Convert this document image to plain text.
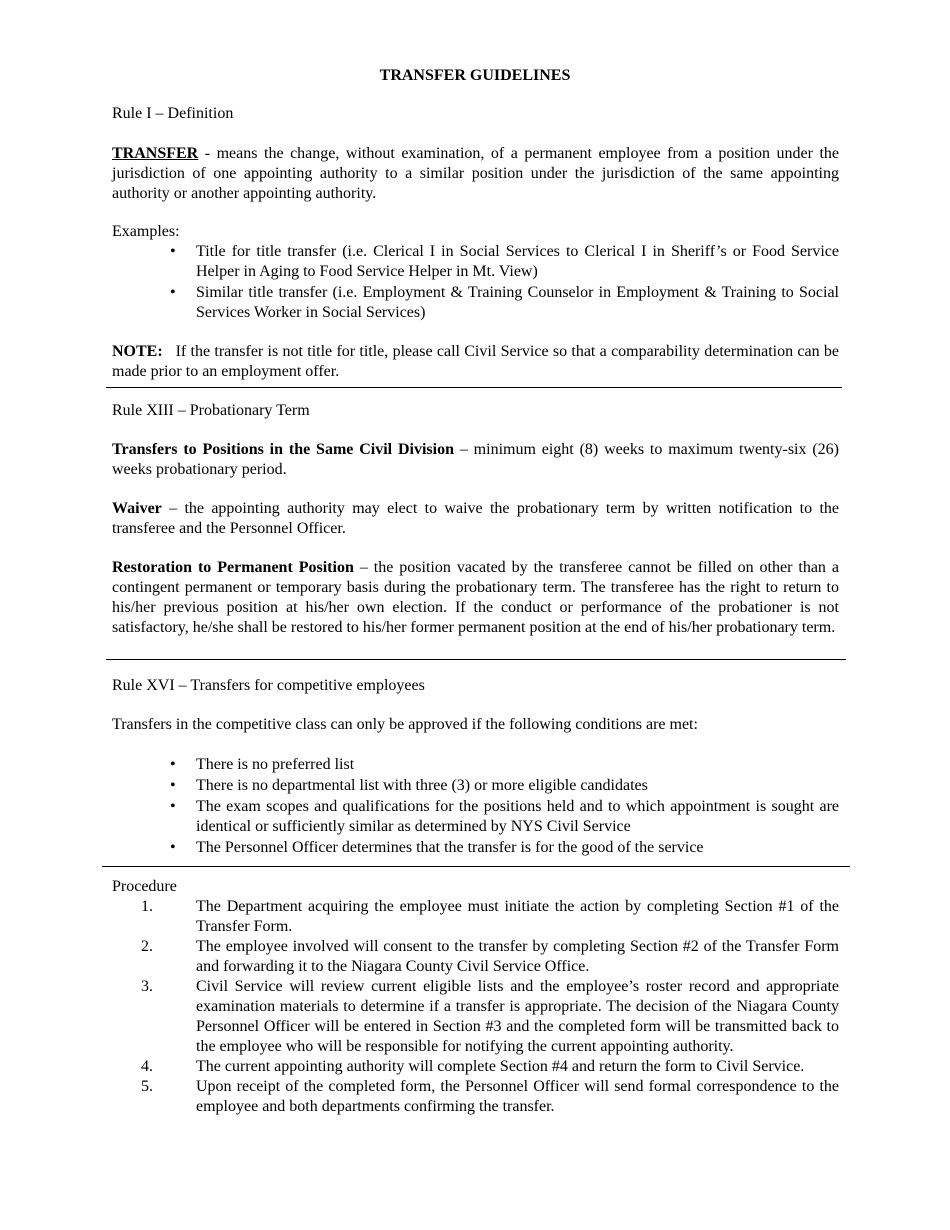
TRANSFER GUIDELINES
Rule I – Definition
TRANSFER - means the change, without examination, of a permanent employee from a position under the jurisdiction of one appointing authority to a similar position under the jurisdiction of the same appointing authority or another appointing authority.
Examples:
• Title for title transfer (i.e. Clerical I in Social Services to Clerical I in Sheriff’s or Food Service Helper in Aging to Food Service Helper in Mt. View)
• Similar title transfer (i.e. Employment & Training Counselor in Employment & Training to Social Services Worker in Social Services)
NOTE: If the transfer is not title for title, please call Civil Service so that a comparability determination can be made prior to an employment offer.
Rule XIII – Probationary Term
Transfers to Positions in the Same Civil Division – minimum eight (8) weeks to maximum twenty-six (26) weeks probationary period.
Waiver – the appointing authority may elect to waive the probationary term by written notification to the transferee and the Personnel Officer.
Restoration to Permanent Position – the position vacated by the transferee cannot be filled on other than a contingent permanent or temporary basis during the probationary term. The transferee has the right to return to his/her previous position at his/her own election. If the conduct or performance of the probationer is not satisfactory, he/she shall be restored to his/her former permanent position at the end of his/her probationary term.
Rule XVI – Transfers for competitive employees
Transfers in the competitive class can only be approved if the following conditions are met:
• There is no preferred list
• There is no departmental list with three (3) or more eligible candidates
• The exam scopes and qualifications for the positions held and to which appointment is sought are identical or sufficiently similar as determined by NYS Civil Service
• The Personnel Officer determines that the transfer is for the good of the service
Procedure
1.	The Department acquiring the employee must initiate the action by completing Section #1 of the Transfer Form.
2.	The employee involved will consent to the transfer by completing Section #2 of the Transfer Form and forwarding it to the Niagara County Civil Service Office.
3.	Civil Service will review current eligible lists and the employee’s roster record and appropriate examination materials to determine if a transfer is appropriate. The decision of the Niagara County Personnel Officer will be entered in Section #3 and the completed form will be transmitted back to the employee who will be responsible for notifying the current appointing authority.
4.	The current appointing authority will complete Section #4 and return the form to Civil Service.
5.	Upon receipt of the completed form, the Personnel Officer will send formal correspondence to the employee and both departments confirming the transfer.
